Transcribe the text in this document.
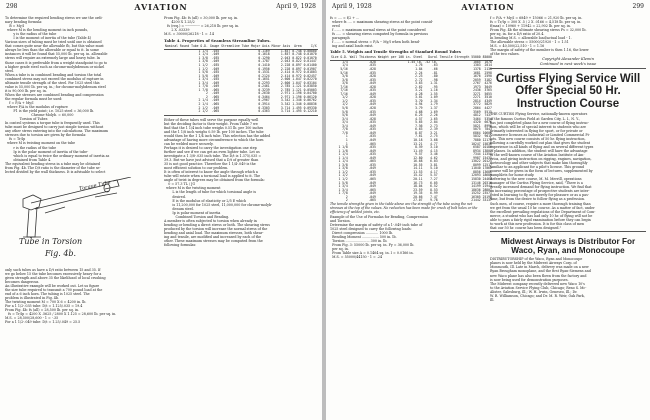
298	AVIATION	April 9, 1928
To determine the required bending stress we use the ordi-
nary bending formula:
B = My/I
where M is the bending moment in inch pounds,
y is the radius of the tube
I is the moment of inertia of the tube (Table 4)
Various sizes of tubing must be tried until one is obtained
that comes quite near the allowable fb, but this value must
always be less than the allowable or equal to it. In some
instances it will be found that 55,000 lb. per sq. in. allowable
stress will require an extremely large and heavy tube. In
those cases it is preferable from a weight standpoint to go to
a higher grade steel such as chrome-molybdenum or nickel
steel.
When a tube is in combined bending and torsion the total
combined stress may not exceed the modulus of rupture in
ultimate tensile strength of the steel. For 1025 steel this
value is 55,000 lb. per sq. in.; for chrome-molybdenum steel
it is 90,000 lb. per sq. in.
When the stresses are combined bending and compression
the regular formula must be used:
f = P/A + My/I
where P/A is the modulus of rupture
F1 is the yield point; i.e. 1025 steel = 36,000 lb.
Chrome-Molyb. = 60,000
Torsion of Tubes
In control systems a torque tube is frequently used. This
tube must be designed to carry just simple torsion without
any other stress entering into the calculations. The maximum
stresses due to torsion are given by the formula:
fs = Tr/Ip
where M is twisting moment on the tube
r is the radius of the tube
Ip is the polar moment of inertia of the tube-
which is equal to twice the ordinary moment of inertia as
obtained from Table 4.
The equivalent bending stress in a tube may be obtained
from Fig. 4b. The D/t ratio is the diameter of the tube se-
lected divided by the wall thickness. It is advisable to select
Torque Tube
Tube in Torsion
Fig. 4b.
only such tubes as have a D/t ratio between 15 and 35. If
we go below 15 the tube becomes excessively heavy for a
given strength and above 35 the likelihood of local crushing
becomes dangerous.
An illustrative example will be worked out. Let us figure
the size tube required to transmit a 700 pound load at the
end of a 6 inch horn. The tubing is 1025 steel. The
problem is illustrated in Fig. 4b.
The twisting moment M = 700 X 6 = 4200 in. lb.
For a 1 1/2-.035 tube: D/t = 1.125/.035 = 19.4
From Fig. 4b: fs (all) = 28,500 lb. per sq. in.
fs = Tr/Ip = 4200 X .5625 / 2800 X 1.125 = 28,600 lb. per sq. in.
M.S. = 28,500/28,600 - 1 = -.35
For a 1 1/2-.049 tube: D/t = 1.25/.049 = 25.5
From Fig. 4b: fs (all) = 30,000 lb. per sq. in.
4200 X 1.25/2
fs (req.) = ------------- = 26,218 lb. per sq. in.
2 X .03339
M.S. = 30000/26218 - 1 = .14
Table 4. Properties of Seamless Streamline Tubes.
Nominal Round Tube O.D.	Gauge	Streamline Tube Major Axis	Minor Axis	Area	I/X
1 1/4	.035	0.1169	1.857	0.748	0.00800
1 1/4	.049	0.1618	1.857	0.748	0.01070
1 3/8	.035	0.1290	2.043	0.822	0.01070
1 3/8	.049	0.1787	2.043	0.822	0.01447
1 1/2	.035	0.1410	2.228	0.897	0.01400
1 1/2	.049	0.1956	2.228	0.897	0.01907
1 5/8	.035	0.1531	2.414	0.972	0.01803
1 5/8	.049	0.2124	2.414	0.972	0.02457
1 3/4	.035	0.1651	2.600	1.047	0.02270
1 3/4	.049	0.2293	2.600	1.047	0.03104
1 7/8	.049	0.2461	2.785	1.121	0.03850
1 7/8	.065	0.3239	2.785	1.121	0.05003
2	.049	0.2630	2.971	1.196	0.04700
2	.065	0.3464	2.971	1.196	0.06120
2 1/4	.049	0.2967	3.342	1.346	0.06762
2 1/4	.065	0.3914	3.342	1.346	0.08836
2 1/2	.049	0.3303	3.714	1.495	0.09330
2 1/2	.065	0.4363	3.714	1.495	0.12210
Either of these tubes will serve the purpose equally well
but the deciding factor is their weight. From Table 7 we
find that the 1 1/4 inch tube weighs 0.51 lb. per 100 inches
and the 1 1/8 inch weighs 0.59 lb. per 100 inches. The tube
would then be the 1 1/4 inch tube. This selection has the added
advantage of having more circumference to which the horn
can be welded more securely.
Perhaps it is desired to carry the investigation one step
further and see if we can get an even lighter tube. Let us
investigate a 1 3/8-.035 inch tube. The D/t is 1.375/.035 =
39.3. But we have just advised that a D/t of greater than
35 is not good practice. Therefore the 1 1/4-.049 is the
most efficient solution to our problem.
It is often of interest to know the angle through which a
tube will rotate when a torsional load is applied to it. The
angle of twist in degrees may be obtained from the formula:
0 = 57.3 TL / JG
where M is the twisting moment
L is the length of tube for which torsional angle is
desired.
E is the modulus of elasticity or 2/5 E which
is 11,200,000 for 1025 steel, 11,000,000 for chrome-molyb-
denum steel.
Ip is polar moment of inertia
Combined Torsion and Bending.
A member is often subjected to torsion when already in
bending or bending a direct stress or both. The shearing stress
produced by the torsion will increase the normal stress of the
bending and axial load. The maximum stresses, both shear-
ing and tensile, are modified and increased by each of the
other. These maximum stresses may be computed from the
following formulas:
April 9, 1928	AVIATION	299
fs = .... = f/2 + ...
where fs .... = maximum shearing stress at the point consid-
ered
f ...... = maximum normal stress at the point considered
fs ..... = shearing stress computed by formula in previous
paragraph
f ...... = normal stress = P/A -- My/I when both bend-
ing and axial loads exist.
Table 5. Weights and Tensile Strengths of Standard Round Tubes
Size O.D.	Wall Thickness	Weight per 100 in. Steel	Dural	Tensile Strength 55000	85000
1/4	.028	1.45 lb.	.52 lb.	1085	1678
1/4	.035	1.76	.63	1303	2014
5/16	.028	1.84	.66	1378	2130
5/16	.035	2.24	.81	1681	2598
3/8	.028	2.23	.80	1676	2590
3/8	.035	2.72	.98	2059	3182
3/8	.049	3.63	1.31	2767	4276
7/16	.028	2.62	.95	1973	3049
7/16	.035	3.21	1.16	2436	3765
7/16	.049	4.28	1.55	3271	5055
1/2	.028	3.01	1.09	2271	3510
1/2	.035	3.70	1.34	2814	4349
1/2	.049	4.94	1.79	3772	5829
5/8	.028	3.79	1.37	2864	4427
5/8	.035	4.68	1.69	3569	5515
5/8	.049	6.25	2.26	4812	7437
3/4	.028	4.57	1.65	3464	5354
3/4	.035	5.65	2.04	4320	6676
3/4	.049	7.56	2.73	5821	8996
7/8	.035	6.63	2.39	5075	7843
7/8	.049	8.87	3.21	6864	10608
1	.035	7.61	2.75	5832	9012
1	.049	10.18	3.68	7880	12178
1	.065	13.21	4.77	10247	15836
1 1/8	.035	8.59	3.10	6587	10180
1 1/8	.049	11.49	4.15	8934	13807
1 1/4	.035	9.57	3.46	7344	11350
1 1/4	.049	12.80	4.62	9987	15435
1 1/4	.065	16.68	6.03	13022	20125
1 3/8	.035	10.55	3.81	8099	12517
1 3/8	.049	14.11	5.10	11040	17062
1 1/2	.035	11.53	4.17	8856	13686
1 1/2	.049	15.42	5.57	12093	18689
1 1/2	.065	20.11	7.27	15830	24464
1 5/8	.049	16.73	6.05	13146	20316
1 3/4	.049	18.04	6.52	14199	21944
1 3/4	.065	23.59	8.53	18636	28801
1 7/8	.049	19.35	6.99	15252	23571
2	.049	20.66	7.47	16305	25198
2	.065	27.07	9.78	21442	33137
The tensile strengths given in the table above are the strength of the tube using the net stresses at the top of the values. No reduction has been made for crush of bolt holes or the efficiency of welded joints, etc.
Example of the Use of Formulas for Bending, Compression
and Torsion.
Determine the margin of safety of a 1-.049 inch tube of
1025 steel designed to carry the following loads:
Direct compression ............ 1000 lb.
Bending Moment ................ 500 in. lb.
Torsion ....................... 300 in. lb.
From Fig. 3: 55000 lb. per sq. in. Fy = 36,000 lb.
per sq. in.
From Table size A = 0.1464 sq. in. I = 0.0166 in.
M.S. = 55000/44150 - 1 = .24
f = P/A + My/I = 6849 + 15066 = 21,920 lb. per sq. in.
fs = Tr/Ip = 300 X .5 / 2 X .0166 = 4,518 lb. per sq. in.
f(max) = 10960 + 11942 = 22,902 lb. per sq. in.
From Fig. 4b the ultimate shearing stress Fs = 32,000 lb.
per sq. in. for a D/t ratio of 20.4.
In bending M.S. = allowable load/actual load - 1.
The allowable stress = 55000/21920 - 1 = 1.51
M.S. = 40,500/22,510 - 1 = 1.16
The margin of safety of the member is then 1.16, the lower
of the two values.
Copyright Alexander Klemin
Continued in next week's issue
Curtiss Flying Service Will Offer Special 50 Hr. Instruction Course
THE CURTISS Flying Service, nationally-known operators
of the famous Curtiss Field at Garden City, L. I., N. Y.,
has just completed plans for a new course of flying instruc-
tion, which will be of special interest to students who are
primarily interested in flying for sport, or for private or
Commerce licenses as Industrial or Limited Commercial Pi-
lots. This new course consists of 50 hr. flying instruction,
following a carefully worked out plan that gives the student
experience in all kinds of flying and on several different types
of planes. In addition, the student will have the advantage
of the well-known course of the Aviation Institute of Am-
erica, and giving instruction on rigging, engines, navigation,
meteorology and other subjects that make him thoroughly
familiar to an applicant for a pilot's license. This ground
course will be given in the form of lectures, supplemented by
pamphlets for home study.
Referring to the new course, M. M. Merrill, operations
manager of the Curtiss Flying Service, said, "There is a
greatly increased demand for flying instruction. We find that
an increasing percentage of prospective students are inter-
ested in learning to fly, not merely for pleasure or as a pas-
time, but from the desire to follow flying as a profession.
Such men, of course, require a more thorough training than
we get from the usual 10 hr. course. As a matter of fact, under
the excellent prevailing regulations of the Department of Com-
merce, a student who has had only 10 hr. of flying will not be
able to pass a fairly rigid examination before they can begin
to work at this new profession. It is for this class of men
that our 50 hr. course has been designed."
Midwest Airways is Distributor For Waco, Ryan, and Monocoupe
DISTRIBUTORSHIP of the Waco, Ryan and Monocoupe
planes is now held by the Midwest Airways Corp. of
Monmouth, Ill. Late in March, delivery was made on a new
Ryan Brougham monoplane, and the first Ryan-Siemens and
new Waco plane has also been flown from the factory and
is now being used for demonstration purposes.
The Midwest company recently delivered new Waco 10's
to the Aviation Service Flying Club, Chicago; Reno S. Mc-
Alister, Galesburg, Ill.; W. H. Irwin, Geneseo, Ill.; Dr.
W. R. Williamson, Chicago; and Dr. M. R. Weir, Oak Park,
Ill.
